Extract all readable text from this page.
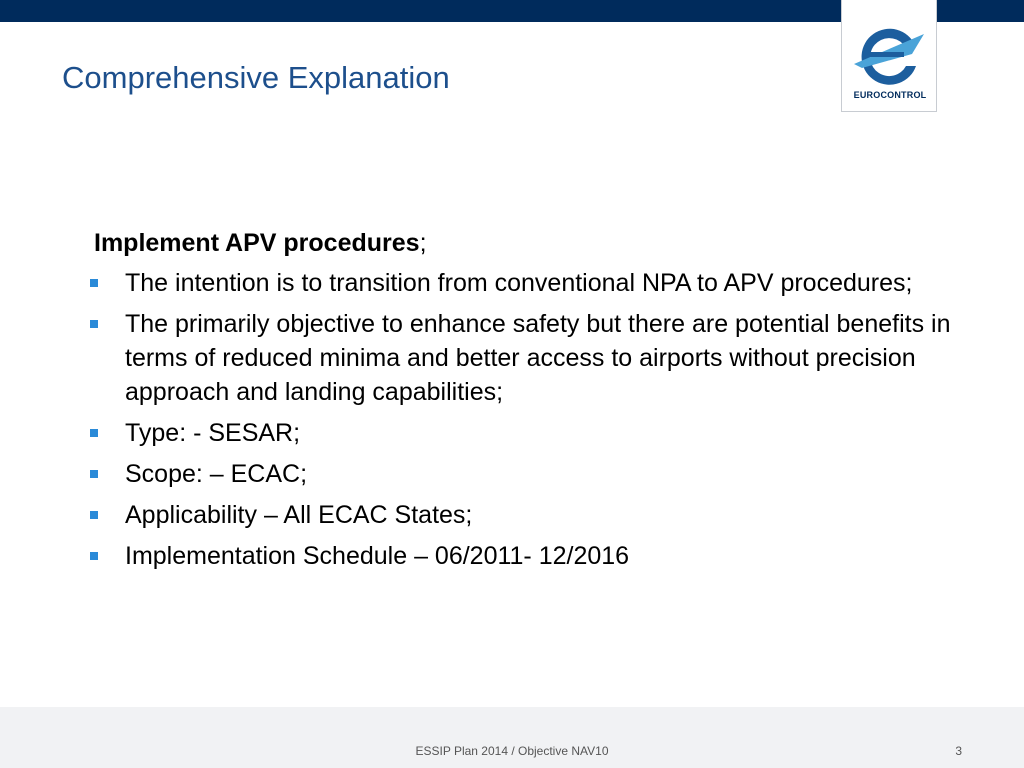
EUROCONTROL
Comprehensive Explanation

Implement APV procedures;

The intention is to transition from conventional NPA to APV procedures;
The primarily objective to enhance safety but there are potential benefits in terms of reduced minima and better access to airports without precision approach and landing capabilities;
Type: - SESAR;
Scope: – ECAC;
Applicability – All ECAC States;
Implementation Schedule – 06/2011- 12/2016
ESSIP Plan 2014 / Objective NAV10	3
